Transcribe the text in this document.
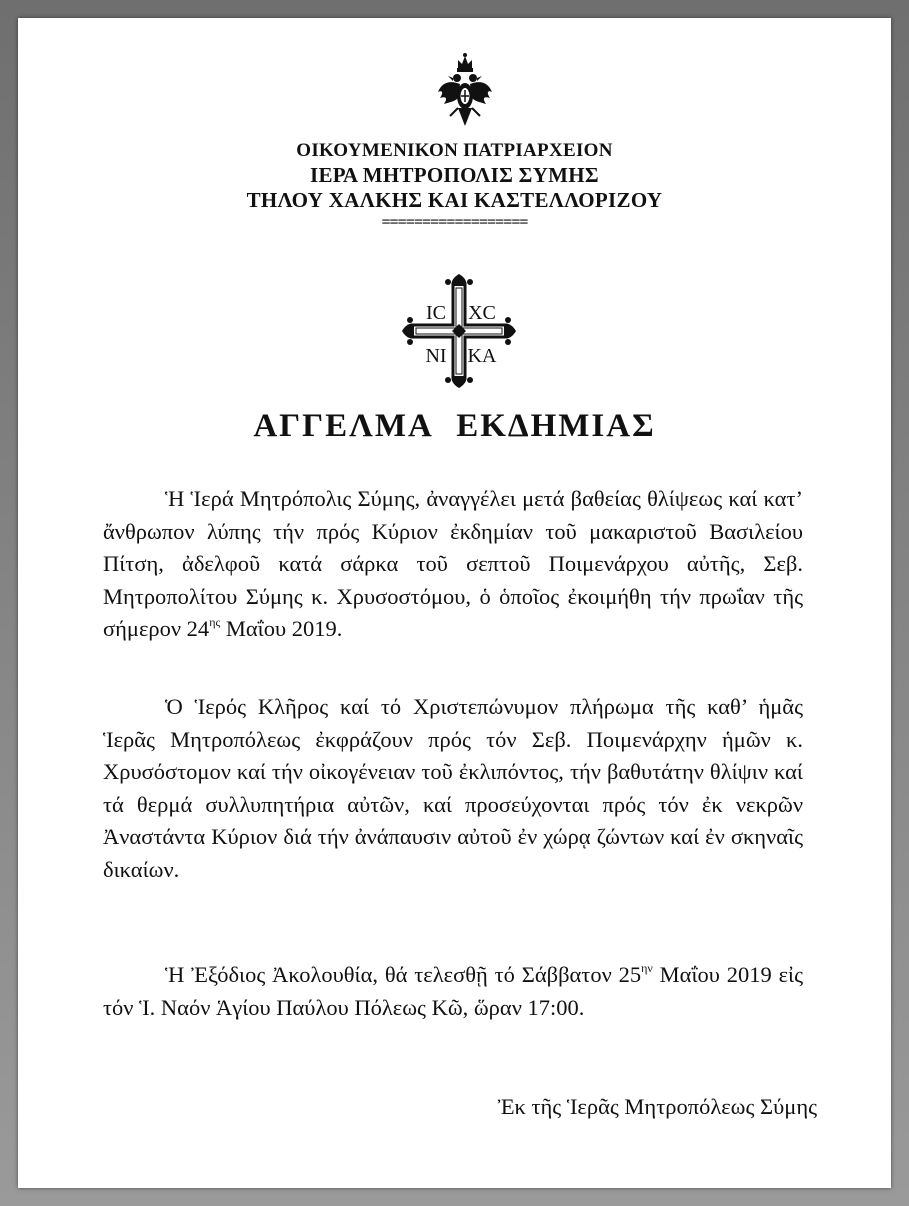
ΟΙΚΟΥΜΕΝΙΚΟΝ ΠΑΤΡΙΑΡΧΕΙΟΝ
ΙΕΡΑ ΜΗΤΡΟΠΟΛΙΣ ΣΥΜΗΣ
ΤΗΛΟΥ ΧΑΛΚΗΣ ΚΑΙ ΚΑΣΤΕΛΛΟΡΙΖΟΥ
==================
IC XC
NI KA
ΑΓΓΕΛΜΑ ΕΚΔΗΜΙΑΣ

Ἡ Ἱερά Μητρόπολις Σύμης, ἀναγγέλει μετά βαθείας θλίψεως καί κατ’ ἄνθρωπον λύπης τήν πρός Κύριον ἐκδημίαν τοῦ μακαριστοῦ Βασιλείου Πίτση, ἀδελφοῦ κατά σάρκα τοῦ σεπτοῦ Ποιμενάρχου αὐτῆς, Σεβ. Μητροπολίτου Σύμης κ. Χρυσοστόμου, ὁ ὁποῖος ἐκοιμήθη τήν πρωΐαν τῆς σήμερον $24^{\eta\varsigma}$ Μαΐου 2019.

Ὁ Ἱερός Κλῆρος καί τό Χριστεπώνυμον πλήρωμα τῆς καθ’ ἡμᾶς Ἱερᾶς Μητροπόλεως ἐκφράζουν πρός τόν Σεβ. Ποιμενάρχην ἡμῶν κ. Χρυσόστομον καί τήν οἰκογένειαν τοῦ ἐκλιπόντος, τήν βαθυτάτην θλίψιν καί τά θερμά συλλυπητήρια αὐτῶν, καί προσεύχονται πρός τόν ἐκ νεκρῶν Ἀναστάντα Κύριον διά τήν ἀνάπαυσιν αὐτοῦ ἐν χώρᾳ ζώντων καί ἐν σκηναῖς δικαίων.

Ἡ Ἐξόδιος Ἀκολουθία, θά τελεσθῇ τό Σάββατον $25^{\eta\nu}$ Μαΐου 2019 εἰς τόν Ἱ. Ναόν Ἁγίου Παύλου Πόλεως Κῶ, ὥραν 17:00.

Ἐκ τῆς Ἱερᾶς Μητροπόλεως Σύμης
